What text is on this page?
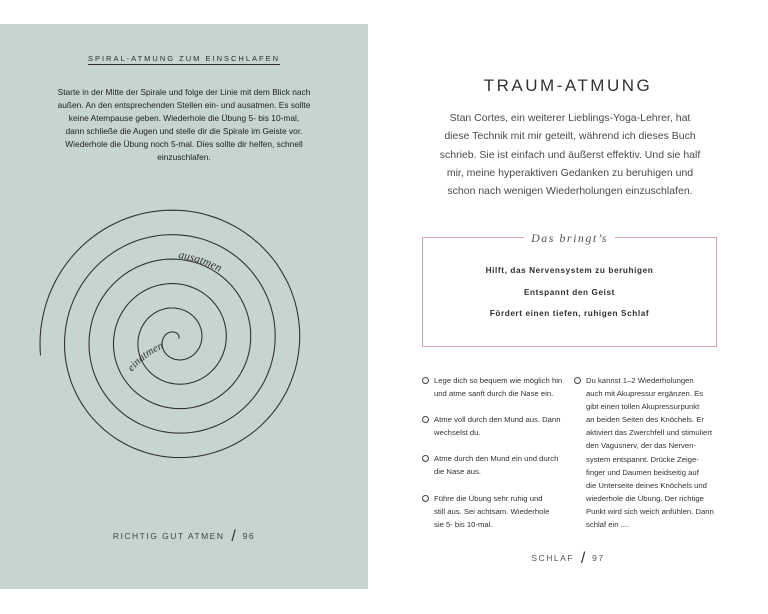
SPIRAL-ATMUNG ZUM EINSCHLAFEN
Starte in der Mitte der Spirale und folge der Linie mit dem Blick nach
außen. An den entsprechenden Stellen ein- und ausatmen. Es sollte
keine Atempause geben. Wiederhole die Übung 5- bis 10-mal,
dann schließe die Augen und stelle dir die Spirale im Geiste vor.
Wiederhole die Übung noch 5-mal. Dies sollte dir helfen, schnell
einzuschlafen.
ausatmen
einatmen
RICHTIG GUT ATMEN / 96
TRAUM-ATMUNG
Stan Cortes, ein weiterer Lieblings-Yoga-Lehrer, hat
diese Technik mit mir geteilt, während ich dieses Buch
schrieb. Sie ist einfach und äußerst effektiv. Und sie half
mir, meine hyperaktiven Gedanken zu beruhigen und
schon nach wenigen Wiederholungen einzuschlafen.
Das bringt’s
Hilft, das Nervensystem zu beruhigen
Entspannt den Geist
Fördert einen tiefen, ruhigen Schlaf
Lege dich so bequem wie möglich hin
und atme sanft durch die Nase ein.
Atme voll durch den Mund aus. Dann
wechselst du.
Atme durch den Mund ein und durch
die Nase aus.
Führe die Übung sehr ruhig und
still aus. Sei achtsam. Wiederhole
sie 5- bis 10-mal.
Du kannst 1–2 Wiederholungen
auch mit Akupressur ergänzen. Es
gibt einen tollen Akupressurpunkt
an beiden Seiten des Knöchels. Er
aktiviert das Zwerchfell und stimuliert
den Vagusnerv, der das Nerven-
system entspannt. Drücke Zeige-
finger und Daumen beidseitig auf
die Unterseite deines Knöchels und
wiederhole die Übung. Der richtige
Punkt wird sich weich anfühlen. Dann
schlaf ein ....
SCHLAF / 97
